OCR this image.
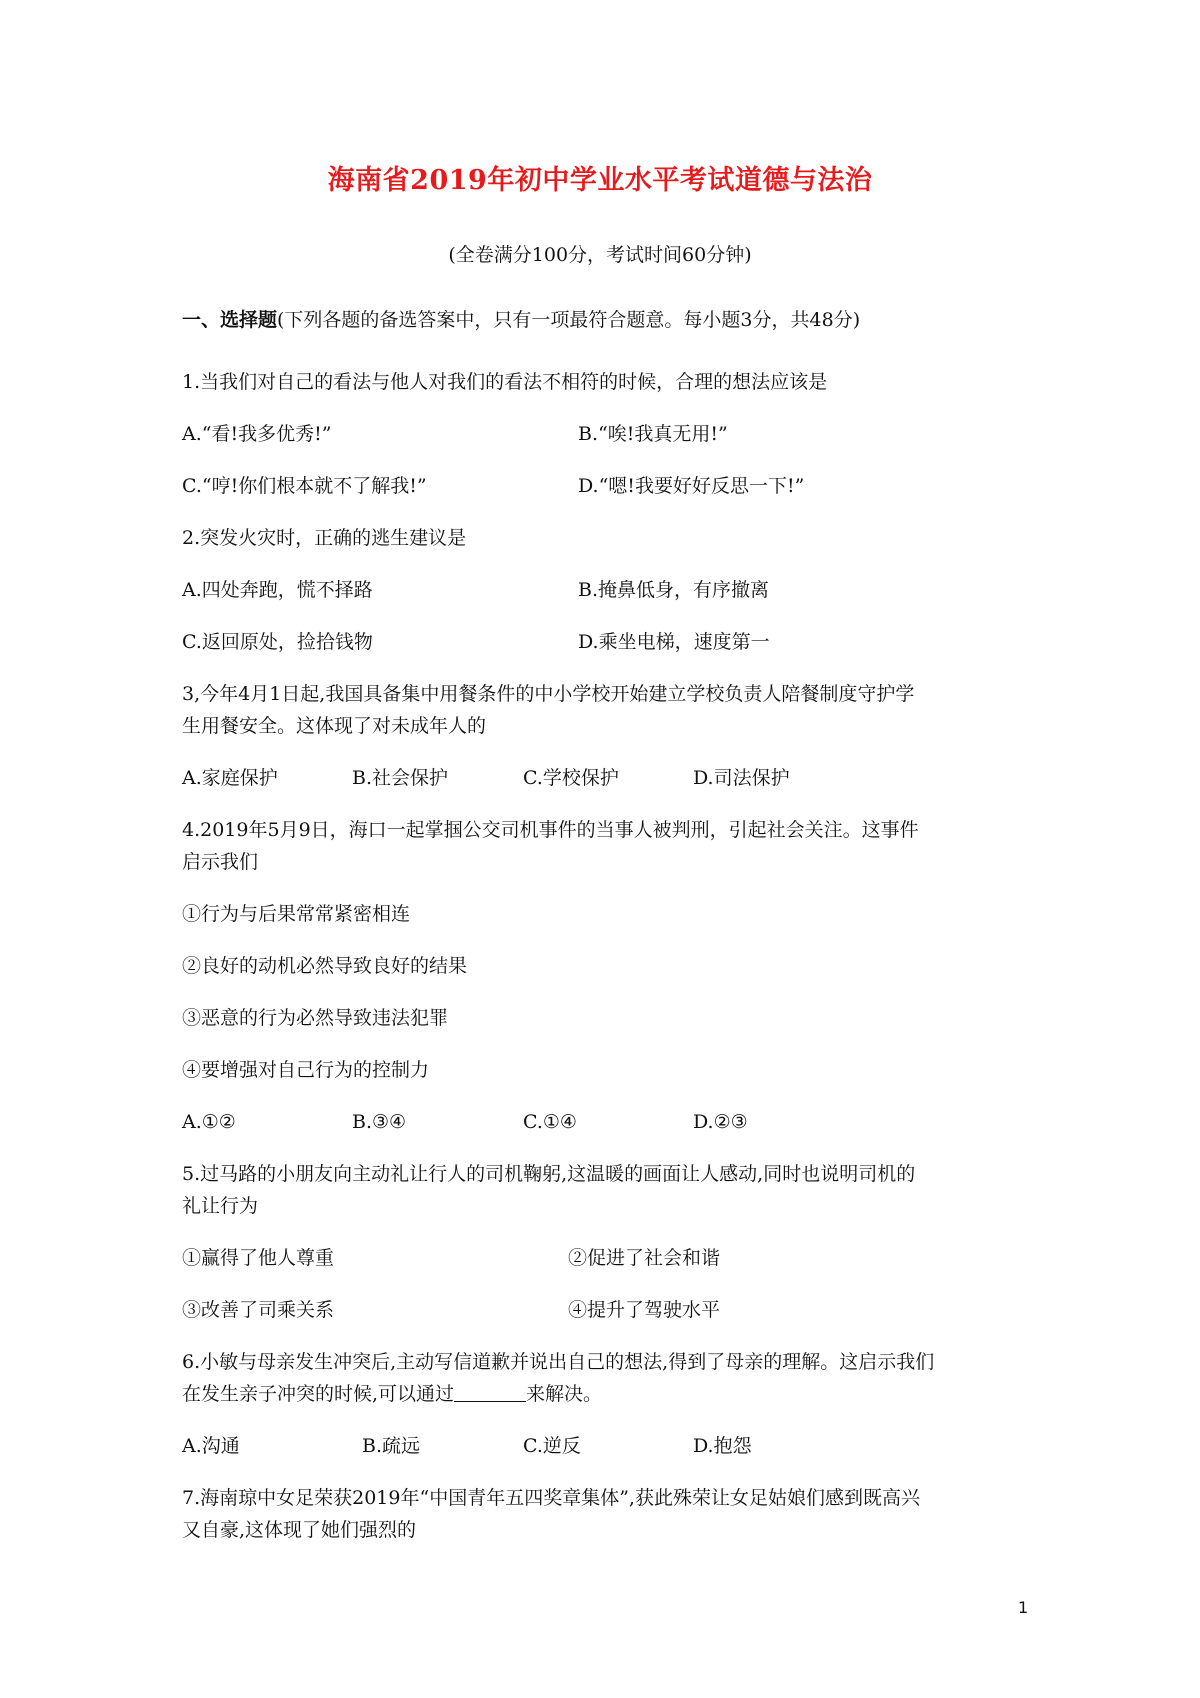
海南省2019年初中学业水平考试道德与法治
(全卷满分100分，考试时间60分钟)
一、选择题(下列各题的备选答案中，只有一项最符合题意。每小题3分，共48分)
1.当我们对自己的看法与他人对我们的看法不相符的时候，合理的想法应该是
A.“看!我多优秀!”	B.“唉!我真无用!”
C.“哼!你们根本就不了解我!”	D.“嗯!我要好好反思一下!”
2.突发火灾时，正确的逃生建议是
A.四处奔跑，慌不择路	B.掩鼻低身，有序撤离
C.返回原处，捡拾钱物	D.乘坐电梯，速度第一
3,今年4月1日起,我国具备集中用餐条件的中小学校开始建立学校负责人陪餐制度守护学
生用餐安全。这体现了对未成年人的
A.家庭保护	B.社会保护	C.学校保护	D.司法保护
4.2019年5月9日，海口一起掌掴公交司机事件的当事人被判刑，引起社会关注。这事件
启示我们
①行为与后果常常紧密相连
②良好的动机必然导致良好的结果
③恶意的行为必然导致违法犯罪
④要增强对自己行为的控制力
A.①②	B.③④	C.①④	D.②③
5.过马路的小朋友向主动礼让行人的司机鞠躬,这温暖的画面让人感动,同时也说明司机的
礼让行为
①赢得了他人尊重	②促进了社会和谐
③改善了司乘关系	④提升了驾驶水平
6.小敏与母亲发生冲突后,主动写信道歉并说出自己的想法,得到了母亲的理解。这启示我们
在发生亲子冲突的时候,可以通过	来解决。
A.沟通	B.疏远	C.逆反	D.抱怨
7.海南琼中女足荣获2019年“中国青年五四奖章集体”,获此殊荣让女足姑娘们感到既高兴
又自豪,这体现了她们强烈的
1
